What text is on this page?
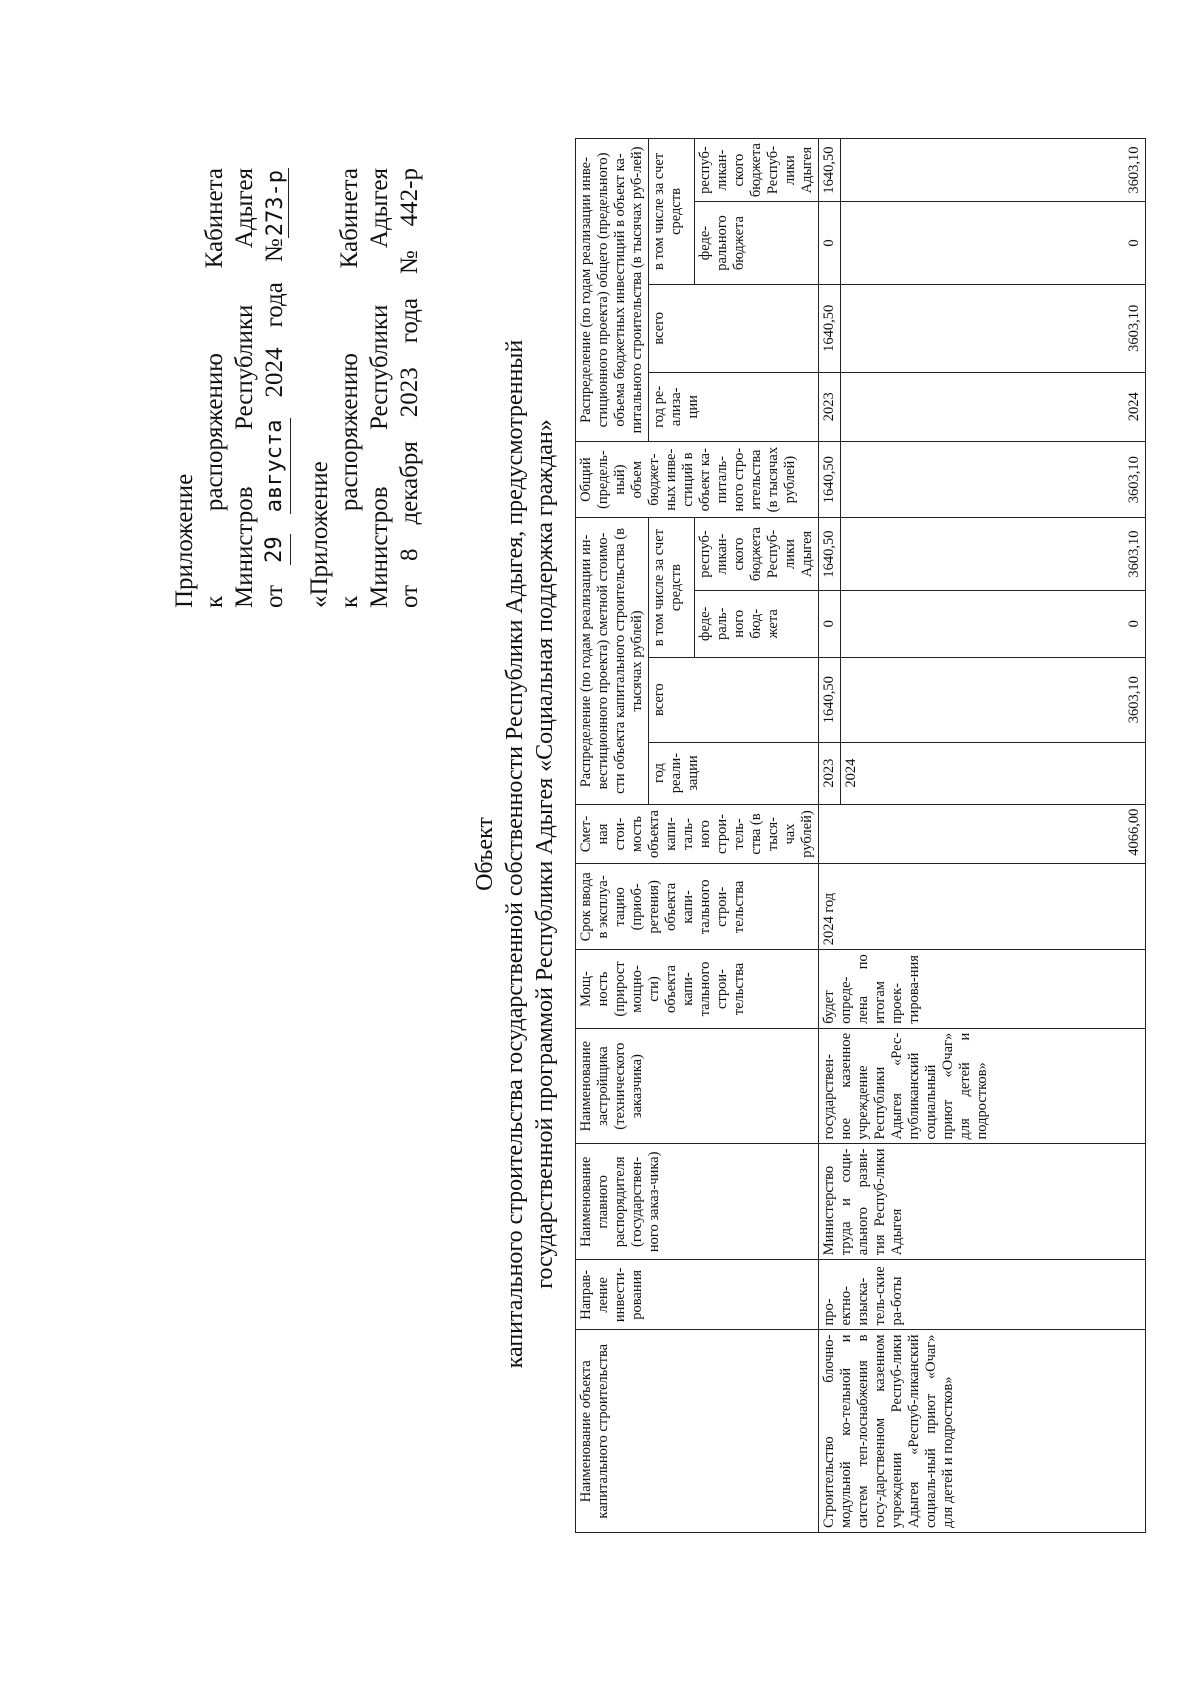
Приложение к
распоряжению
Кабинета
Министров
Республики
Адыгея
от
29
августа
2024
года
№273-р
«Приложение к
распоряжению
Кабинета
Министров
Республики
Адыгея
от
8
декабря
2023
года
№
442-р
Объект капитального строительства государственной собственности Республики Адыгея, предусмотренный государственной программой Республики Адыгея «Социальная поддержка граждан»
Наименование объекта капитального строительства	Направ-ление инвести-рования	Наименование главного распорядителя (государствен-ного заказ-чика)	Наименование застройщика (технического заказчика)	Мощ-ность (прирост мощно-сти) объекта капи-тального строи-тельства	Срок ввода в эксплуа-тацию (приоб-ретения) объекта капи-тального строи-тельства	Смет-ная стои-мость объекта капи-таль-ного строи-тель-ства (в тыся-чах рублей)	Распределение (по годам реализации ин-вестиционного проекта) сметной стоимо-сти объекта капитального строительства (в тысячах рублей)				Общий (предель-ный) объем бюджет-ных инве-стиций в объект ка-питаль-ного стро-ительства (в тысячах рублей)	Распределение (по годам реализации инве-стиционного проекта) общего (предельного) объема бюджетных инвестиций в объект ка-питального строительства (в тысячах руб-лей)			
							год реали-зации	всего	в том числе за счет средств			год ре-ализа-ции	всего	в том числе за счет средств	
									феде-раль-ного бюд-жета	респуб-ликан-ского бюджета Респуб-лики Адыгея				феде-рального бюджета	респуб-ликан-ского бюджета Респуб-лики Адыгея
Строительство блочно-модульной ко-тельной и систем теп-лоснабжения в госу-дарственном казенном учреждении Респуб-лики Адыгея «Респуб-ликанский социаль-ный приют «Очаг» для детей и подростков»	про-ектно-изыска-тель-ские ра-боты	Министерство труда и соци-ального разви-тия Респуб-лики Адыгея	государствен-ное казенное учреждение Республики Адыгея «Рес-публиканский социальный приют «Очаг» для детей и подростков»	будет опреде-лена по итогам проек-тирова-ния	2024 год	4066,00	2023	1640,50	0	1640,50	1640,50	2023	1640,50	0	1640,50
							2024	3603,10	0	3603,10	3603,10	2024	3603,10	0	3603,10
